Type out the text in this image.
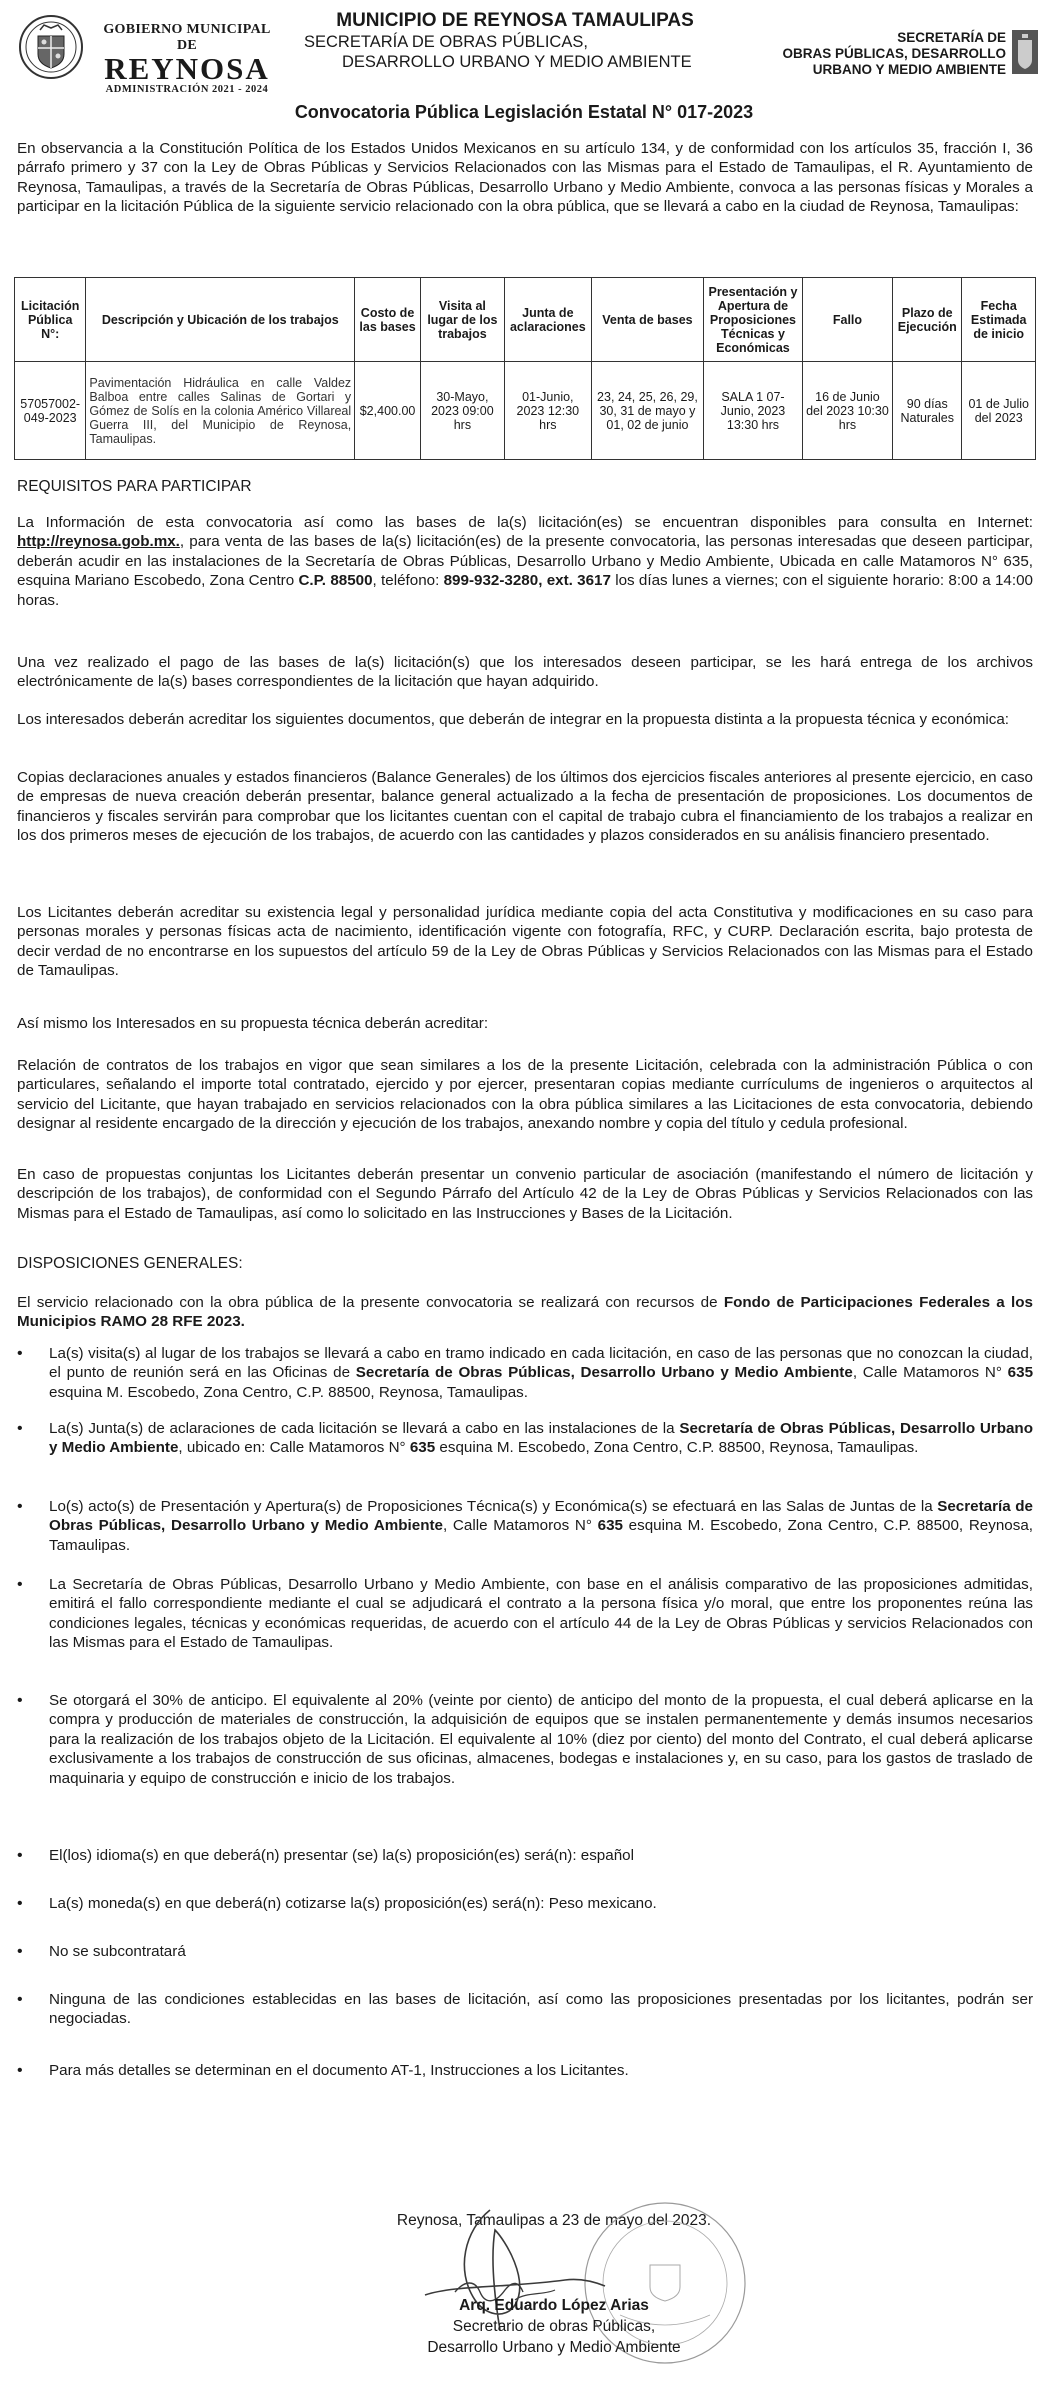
GOBIERNO MUNICIPAL DE
REYNOSA
ADMINISTRACIÓN 2021 - 2024
MUNICIPIO DE REYNOSA TAMAULIPAS
SECRETARÍA DE OBRAS PÚBLICAS,
DESARROLLO URBANO Y MEDIO AMBIENTE
SECRETARÍA DE
OBRAS PÚBLICAS, DESARROLLO
URBANO Y MEDIO AMBIENTE
Convocatoria Pública Legislación Estatal N° 017-2023

En observancia a la Constitución Política de los Estados Unidos Mexicanos en su artículo 134, y de conformidad con los artículos 35, fracción I, 36 párrafo primero y 37 con la Ley de Obras Públicas y Servicios Relacionados con las Mismas para el Estado de Tamaulipas, el R. Ayuntamiento de Reynosa, Tamaulipas, a través de la Secretaría de Obras Públicas, Desarrollo Urbano y Medio Ambiente, convoca a las personas físicas y Morales a participar en la licitación Pública de la siguiente servicio relacionado con la obra pública, que se llevará a cabo en la ciudad de Reynosa, Tamaulipas:

Licitación Pública N°:	Descripción y Ubicación de los trabajos	Costo de las bases	Visita al lugar de los trabajos	Junta de aclaraciones	Venta de bases	Presentación y Apertura de Proposiciones Técnicas y Económicas	Fallo	Plazo de Ejecución	Fecha Estimada de inicio
57057002-049-2023	Pavimentación Hidráulica en calle Valdez Balboa entre calles Salinas de Gortari y Gómez de Solís en la colonia Américo Villareal Guerra III, del Municipio de Reynosa, Tamaulipas.	$2,400.00	30-Mayo, 2023 09:00 hrs	01-Junio, 2023 12:30 hrs	23, 24, 25, 26, 29, 30, 31 de mayo y 01, 02 de junio	SALA 1 07-Junio, 2023 13:30 hrs	16 de Junio del 2023 10:30 hrs	90 días Naturales	01 de Julio del 2023
REQUISITOS PARA PARTICIPAR

La Información de esta convocatoria así como las bases de la(s) licitación(es) se encuentran disponibles para consulta en Internet: http://reynosa.gob.mx., para venta de las bases de la(s) licitación(es) de la presente convocatoria, las personas interesadas que deseen participar, deberán acudir en las instalaciones de la Secretaría de Obras Públicas, Desarrollo Urbano y Medio Ambiente, Ubicada en calle Matamoros N° 635, esquina Mariano Escobedo, Zona Centro C.P. 88500, teléfono: 899-932-3280, ext. 3617 los días lunes a viernes; con el siguiente horario: 8:00 a 14:00 horas.

Una vez realizado el pago de las bases de la(s) licitación(s) que los interesados deseen participar, se les hará entrega de los archivos electrónicamente de la(s) bases correspondientes de la licitación que hayan adquirido.

Los interesados deberán acreditar los siguientes documentos, que deberán de integrar en la propuesta distinta a la propuesta técnica y económica:

Copias declaraciones anuales y estados financieros (Balance Generales) de los últimos dos ejercicios fiscales anteriores al presente ejercicio, en caso de empresas de nueva creación deberán presentar, balance general actualizado a la fecha de presentación de proposiciones. Los documentos de financieros y fiscales servirán para comprobar que los licitantes cuentan con el capital de trabajo cubra el financiamiento de los trabajos a realizar en los dos primeros meses de ejecución de los trabajos, de acuerdo con las cantidades y plazos considerados en su análisis financiero presentado.

Los Licitantes deberán acreditar su existencia legal y personalidad jurídica mediante copia del acta Constitutiva y modificaciones en su caso para personas morales y personas físicas acta de nacimiento, identificación vigente con fotografía, RFC, y CURP. Declaración escrita, bajo protesta de decir verdad de no encontrarse en los supuestos del artículo 59 de la Ley de Obras Públicas y Servicios Relacionados con las Mismas para el Estado de Tamaulipas.

Así mismo los Interesados en su propuesta técnica deberán acreditar:

Relación de contratos de los trabajos en vigor que sean similares a los de la presente Licitación, celebrada con la administración Pública o con particulares, señalando el importe total contratado, ejercido y por ejercer, presentaran copias mediante currículums de ingenieros o arquitectos al servicio del Licitante, que hayan trabajado en servicios relacionados con la obra pública similares a las Licitaciones de esta convocatoria, debiendo designar al residente encargado de la dirección y ejecución de los trabajos, anexando nombre y copia del título y cedula profesional.

En caso de propuestas conjuntas los Licitantes deberán presentar un convenio particular de asociación (manifestando el número de licitación y descripción de los trabajos), de conformidad con el Segundo Párrafo del Artículo 42 de la Ley de Obras Públicas y Servicios Relacionados con las Mismas para el Estado de Tamaulipas, así como lo solicitado en las Instrucciones y Bases de la Licitación.

DISPOSICIONES GENERALES:

El servicio relacionado con la obra pública de la presente convocatoria se realizará con recursos de Fondo de Participaciones Federales a los Municipios RAMO 28 RFE 2023.

•	La(s) visita(s) al lugar de los trabajos se llevará a cabo en tramo indicado en cada licitación, en caso de las personas que no conozcan la ciudad, el punto de reunión será en las Oficinas de Secretaría de Obras Públicas, Desarrollo Urbano y Medio Ambiente, Calle Matamoros N° 635 esquina M. Escobedo, Zona Centro, C.P. 88500, Reynosa, Tamaulipas.
•	La(s) Junta(s) de aclaraciones de cada licitación se llevará a cabo en las instalaciones de la Secretaría de Obras Públicas, Desarrollo Urbano y Medio Ambiente, ubicado en: Calle Matamoros N° 635 esquina M. Escobedo, Zona Centro, C.P. 88500, Reynosa, Tamaulipas.
•	Lo(s) acto(s) de Presentación y Apertura(s) de Proposiciones Técnica(s) y Económica(s) se efectuará en las Salas de Juntas de la Secretaría de Obras Públicas, Desarrollo Urbano y Medio Ambiente, Calle Matamoros N° 635 esquina M. Escobedo, Zona Centro, C.P. 88500, Reynosa, Tamaulipas.
•	La Secretaría de Obras Públicas, Desarrollo Urbano y Medio Ambiente, con base en el análisis comparativo de las proposiciones admitidas, emitirá el fallo correspondiente mediante el cual se adjudicará el contrato a la persona física y/o moral, que entre los proponentes reúna las condiciones legales, técnicas y económicas requeridas, de acuerdo con el artículo 44 de la Ley de Obras Públicas y servicios Relacionados con las Mismas para el Estado de Tamaulipas.
•	Se otorgará el 30% de anticipo. El equivalente al 20% (veinte por ciento) de anticipo del monto de la propuesta, el cual deberá aplicarse en la compra y producción de materiales de construcción, la adquisición de equipos que se instalen permanentemente y demás insumos necesarios para la realización de los trabajos objeto de la Licitación. El equivalente al 10% (diez por ciento) del monto del Contrato, el cual deberá aplicarse exclusivamente a los trabajos de construcción de sus oficinas, almacenes, bodegas e instalaciones y, en su caso, para los gastos de traslado de maquinaria y equipo de construcción e inicio de los trabajos.
•	El(los) idioma(s) en que deberá(n) presentar (se) la(s) proposición(es) será(n): español
•	La(s) moneda(s) en que deberá(n) cotizarse la(s) proposición(es) será(n): Peso mexicano.
•	No se subcontratará
•	Ninguna de las condiciones establecidas en las bases de licitación, así como las proposiciones presentadas por los licitantes, podrán ser negociadas.
•	Para más detalles se determinan en el documento AT-1, Instrucciones a los Licitantes.
Reynosa, Tamaulipas a 23 de mayo del 2023.
Arq. Eduardo López Arias
Secretario de obras Públicas,
Desarrollo Urbano y Medio Ambiente
